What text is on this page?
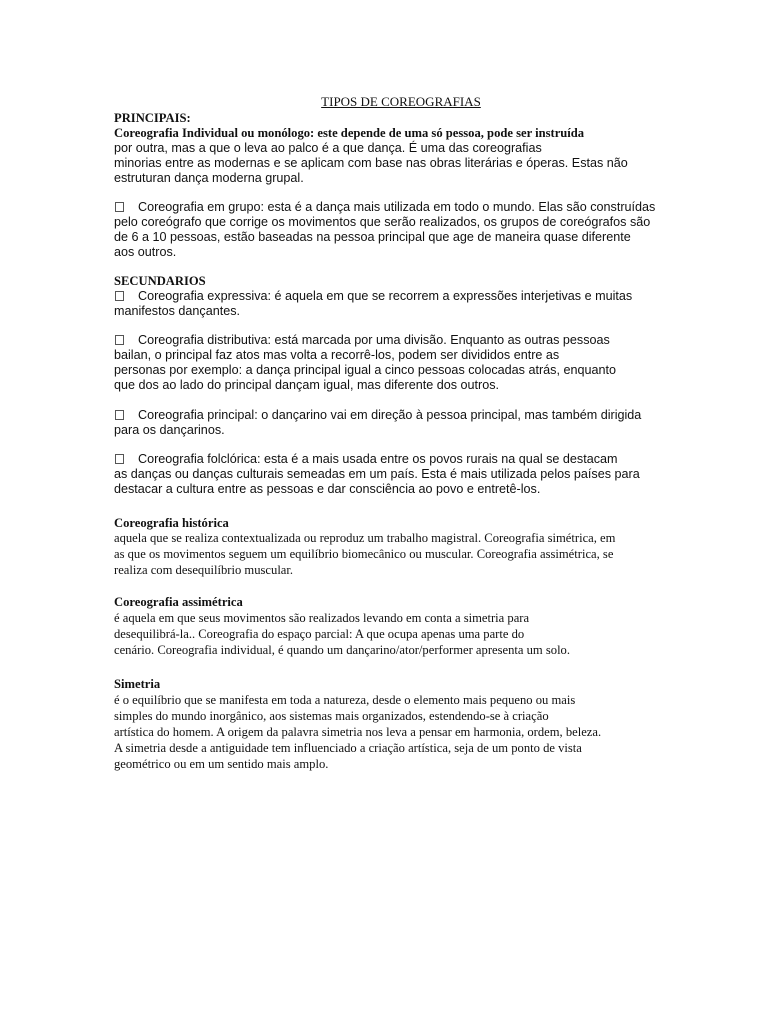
TIPOS DE COREOGRAFIAS
PRINCIPAIS:
Coreografia Individual ou monólogo: este depende de uma só pessoa, pode ser instruída
por outra, mas a que o leva ao palco é a que dança. É uma das coreografias
minorias entre as modernas e se aplicam com base nas obras literárias e óperas. Estas não
estruturan dança moderna grupal.
Coreografia em grupo: esta é a dança mais utilizada em todo o mundo. Elas são construídas
pelo coreógrafo que corrige os movimentos que serão realizados, os grupos de coreógrafos são
de 6 a 10 pessoas, estão baseadas na pessoa principal que age de maneira quase diferente
aos outros.
SECUNDARIOS
Coreografia expressiva: é aquela em que se recorrem a expressões interjetivas e muitas
manifestos dançantes.
Coreografia distributiva: está marcada por uma divisão. Enquanto as outras pessoas
bailan, o principal faz atos mas volta a recorrê-los, podem ser divididos entre as
personas por exemplo: a dança principal igual a cinco pessoas colocadas atrás, enquanto
que dos ao lado do principal dançam igual, mas diferente dos outros.
Coreografia principal: o dançarino vai em direção à pessoa principal, mas também dirigida
para os dançarinos.
Coreografia folclórica: esta é a mais usada entre os povos rurais na qual se destacam
as danças ou danças culturais semeadas em um país. Esta é mais utilizada pelos países para
destacar a cultura entre as pessoas e dar consciência ao povo e entretê-los.
Coreografia histórica
aquela que se realiza contextualizada ou reproduz um trabalho magistral. Coreografia simétrica, em
as que os movimentos seguem um equilíbrio biomecânico ou muscular. Coreografia assimétrica, se
realiza com desequilíbrio muscular.
Coreografia assimétrica
é aquela em que seus movimentos são realizados levando em conta a simetria para
desequilibrá-la.. Coreografia do espaço parcial: A que ocupa apenas uma parte do
cenário. Coreografia individual, é quando um dançarino/ator/performer apresenta um solo.
Simetria
é o equilíbrio que se manifesta em toda a natureza, desde o elemento mais pequeno ou mais
simples do mundo inorgânico, aos sistemas mais organizados, estendendo-se à criação
artística do homem. A origem da palavra simetria nos leva a pensar em harmonia, ordem, beleza.
A simetria desde a antiguidade tem influenciado a criação artística, seja de um ponto de vista
geométrico ou em um sentido mais amplo.
